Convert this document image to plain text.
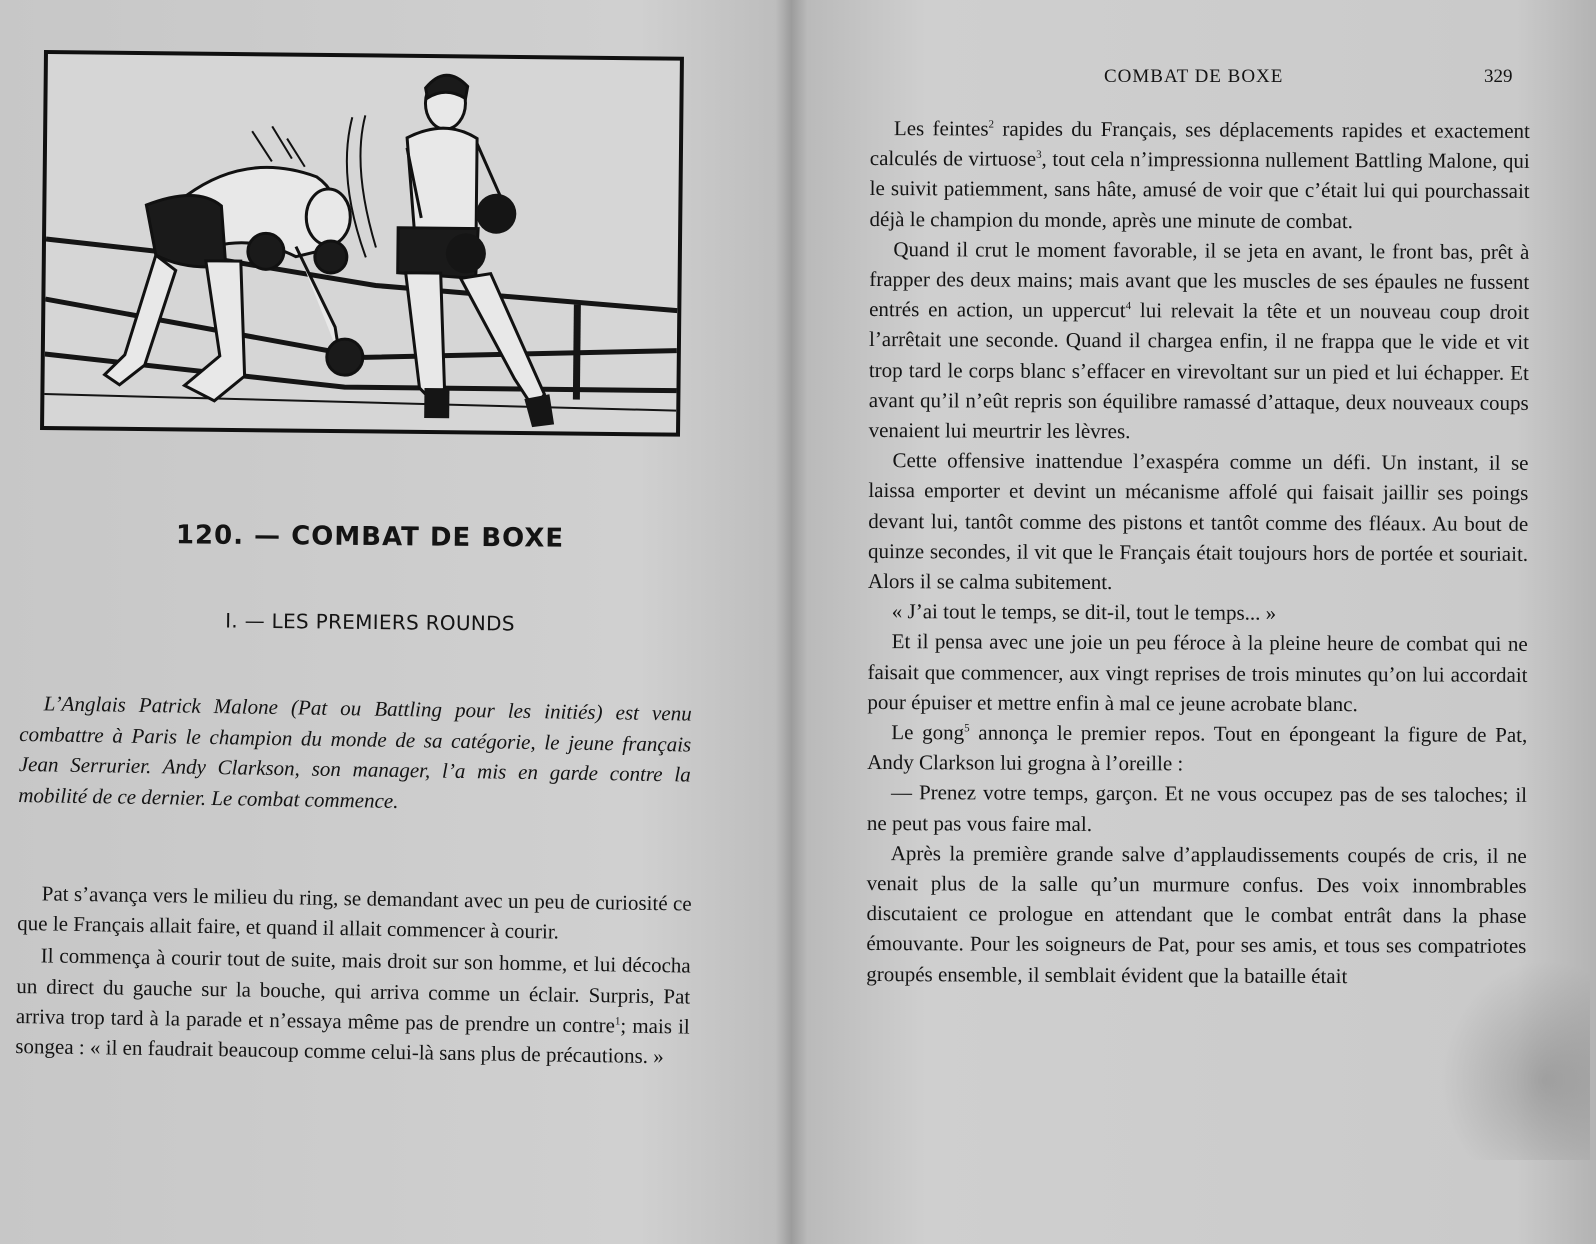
120. — COMBAT DE BOXE
I. — LES PREMIERS ROUNDS

L’Anglais Patrick Malone (Pat ou Battling pour les initiés) est venu combattre à Paris le champion du monde de sa catégorie, le jeune français Jean Serrurier. Andy Clarkson, son manager, l’a mis en garde contre la mobilité de ce dernier. Le combat commence.

Pat s’avança vers le milieu du ring, se demandant avec un peu de curiosité ce que le Français allait faire, et quand il allait commencer à courir.

Il commença à courir tout de suite, mais droit sur son homme, et lui décocha un direct du gauche sur la bouche, qui arriva comme un éclair. Surpris, Pat arriva trop tard à la parade et n’essaya même pas de prendre un contre$^1$; mais il songea : « il en faudrait beaucoup comme celui-là sans plus de précautions. »

COMBAT DE BOXE	329

Les feintes$^2$ rapides du Français, ses déplacements rapides et exactement calculés de virtuose$^3$, tout cela n’impressionna nullement Battling Malone, qui le suivit patiemment, sans hâte, amusé de voir que c’était lui qui pourchassait déjà le champion du monde, après une minute de combat.

Quand il crut le moment favorable, il se jeta en avant, le front bas, prêt à frapper des deux mains; mais avant que les muscles de ses épaules ne fussent entrés en action, un uppercut$^4$ lui relevait la tête et un nouveau coup droit l’arrêtait une seconde. Quand il chargea enfin, il ne frappa que le vide et vit trop tard le corps blanc s’effacer en virevoltant sur un pied et lui échapper. Et avant qu’il n’eût repris son équilibre ramassé d’attaque, deux nouveaux coups venaient lui meurtrir les lèvres.

Cette offensive inattendue l’exaspéra comme un défi. Un instant, il se laissa emporter et devint un mécanisme affolé qui faisait jaillir ses poings devant lui, tantôt comme des pistons et tantôt comme des fléaux. Au bout de quinze secondes, il vit que le Français était toujours hors de portée et souriait. Alors il se calma subitement.

« J’ai tout le temps, se dit-il, tout le temps... »

Et il pensa avec une joie un peu féroce à la pleine heure de combat qui ne faisait que commencer, aux vingt reprises de trois minutes qu’on lui accordait pour épuiser et mettre enfin à mal ce jeune acrobate blanc.

Le gong$^5$ annonça le premier repos. Tout en épongeant la figure de Pat, Andy Clarkson lui grogna à l’oreille :

— Prenez votre temps, garçon. Et ne vous occupez pas de ses taloches; il ne peut pas vous faire mal.

Après la première grande salve d’applaudissements coupés de cris, il ne venait plus de la salle qu’un murmure confus. Des voix innombrables discutaient ce prologue en attendant que le combat entrât dans la phase émouvante. Pour les soigneurs de Pat, pour ses amis, et tous ses compatriotes groupés ensemble, il semblait évident que la bataille était
